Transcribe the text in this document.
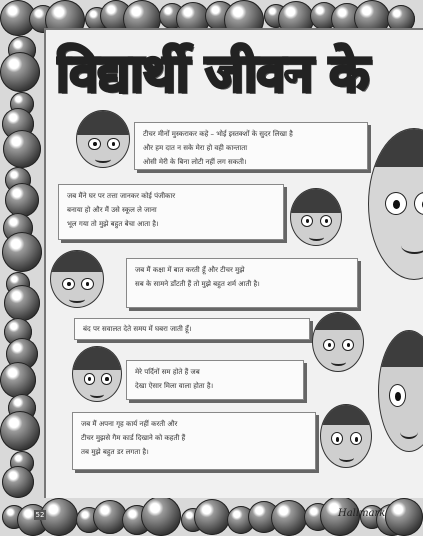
विद्यार्थी जीवन के
टीचर मीनों मुस्कराकर कहे – भोई इस्तक्शों के सुदर लिखा है
और हम दात न सके मेरा हो वही कान्ताता
ओसी मेरी के बिना लोटी नहीं लग सकती।
जब मैंने घर पर तत्ता जानकर कोई पंजीकार
बनाया हो और मैं उसे स्कूल ले जाना
भूल गया तो मुझे बहुत बेचा आता है।
जब मैं कक्षा में बात करती हूँ और टीचर मुझे
सब के सामने डाँटती हैं तो मुझे बहुत शर्म आती है।
बंद पर सवालत देते समय में घबरा जाती हूँ।
मेरे पर्दिनों सम होते हैं जब
देखा ऐसार मिला वाला होता है।
जब मैं अपना गृह कार्य नहीं करती और
टीचर मुझसे गैम कार्ड दिखाने को कहती हैं
तब मुझे बहुत डर लगता है।
52	Hallmark
